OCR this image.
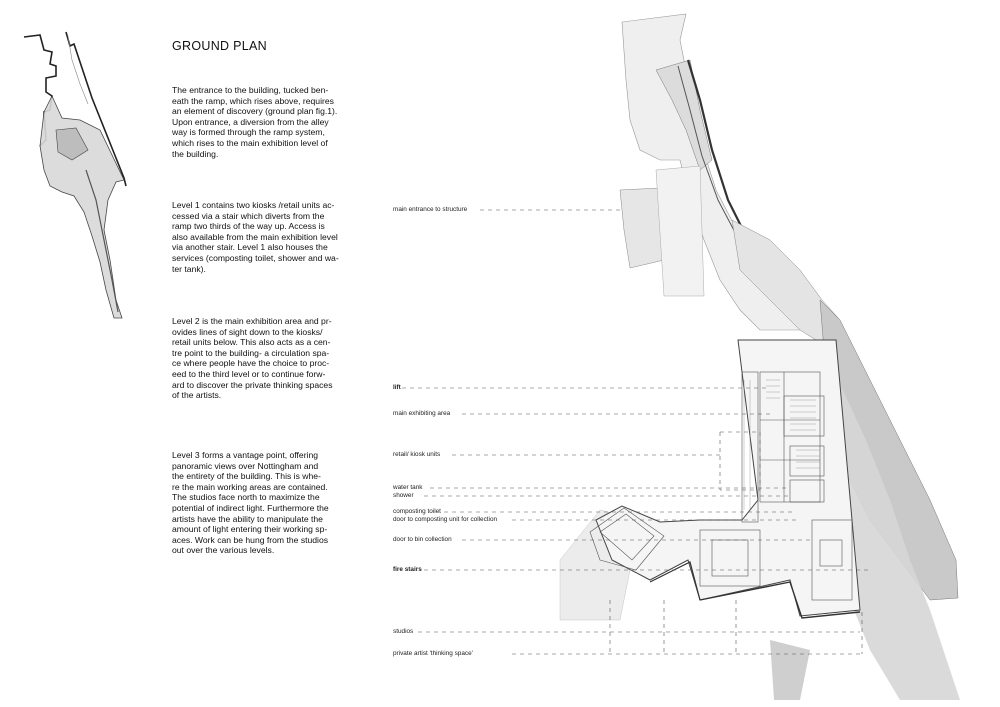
GROUND PLAN
The entrance to the building, tucked ben-
eath the ramp, which rises above, requires
an element of discovery (ground plan fig.1).
Upon entrance, a diversion from the alley
way is formed through the ramp system,
which rises to the main exhibition level of
the building.
Level 1 contains two kiosks /retail units ac-
cessed via a stair which diverts from the
ramp two thirds of the way up. Access is
also available from the main exhibition level
via another stair. Level 1 also houses the
services (composting toilet, shower and wa-
ter tank).
Level 2 is the main exhibition area and pr-
ovides lines of sight down to the kiosks/
retail units below. This also acts as a cen-
tre point to the building- a circulation spa-
ce where people have the choice to proc-
eed to the third level or to continue forw-
ard to discover the private thinking spaces
of the artists.
Level 3 forms a vantage point, offering
panoramic views over Nottingham and
the entirety of the building. This is whe-
re the main working areas are contained.
The studios face north to maximize the
potential of indirect light. Furthermore the
artists have the ability to manipulate the
amount of light entering their working sp-
aces. Work can be hung from the studios
out over the various levels.
main entrance to structure
lift
main exhibiting area
retail/ kiosk units
water tank
shower
composting toilet
door to composting unit for collection
door to bin collection
fire stairs
studios
private artist 'thinking space'
